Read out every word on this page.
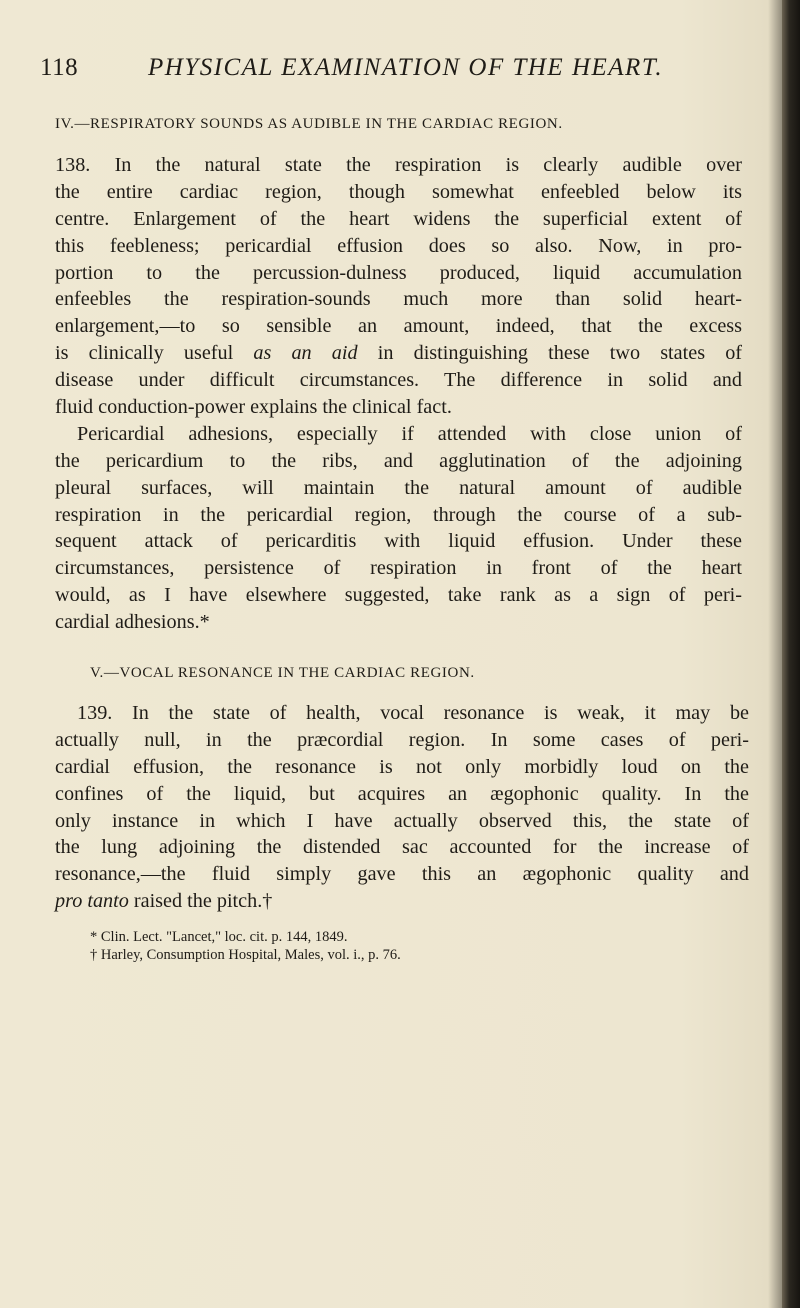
118	PHYSICAL EXAMINATION OF THE HEART.
IV.—RESPIRATORY SOUNDS AS AUDIBLE IN THE CARDIAC REGION.
138. In the natural state the respiration is clearly audible over
the entire cardiac region, though somewhat enfeebled below its
centre. Enlargement of the heart widens the superficial extent of
this feebleness; pericardial effusion does so also. Now, in pro-
portion to the percussion-dulness produced, liquid accumulation
enfeebles the respiration-sounds much more than solid heart-
enlargement,—to so sensible an amount, indeed, that the excess
is clinically useful as an aid in distinguishing these two states of
disease under difficult circumstances. The difference in solid and
fluid conduction-power explains the clinical fact.
Pericardial adhesions, especially if attended with close union of
the pericardium to the ribs, and agglutination of the adjoining
pleural surfaces, will maintain the natural amount of audible
respiration in the pericardial region, through the course of a sub-
sequent attack of pericarditis with liquid effusion. Under these
circumstances, persistence of respiration in front of the heart
would, as I have elsewhere suggested, take rank as a sign of peri-
cardial adhesions.*
V.—VOCAL RESONANCE IN THE CARDIAC REGION.
139. In the state of health, vocal resonance is weak, it may be
actually null, in the præcordial region. In some cases of peri-
cardial effusion, the resonance is not only morbidly loud on the
confines of the liquid, but acquires an ægophonic quality. In the
only instance in which I have actually observed this, the state of
the lung adjoining the distended sac accounted for the increase of
resonance,—the fluid simply gave this an ægophonic quality and
pro tanto raised the pitch.†
* Clin. Lect. "Lancet," loc. cit. p. 144, 1849.
† Harley, Consumption Hospital, Males, vol. i., p. 76.
